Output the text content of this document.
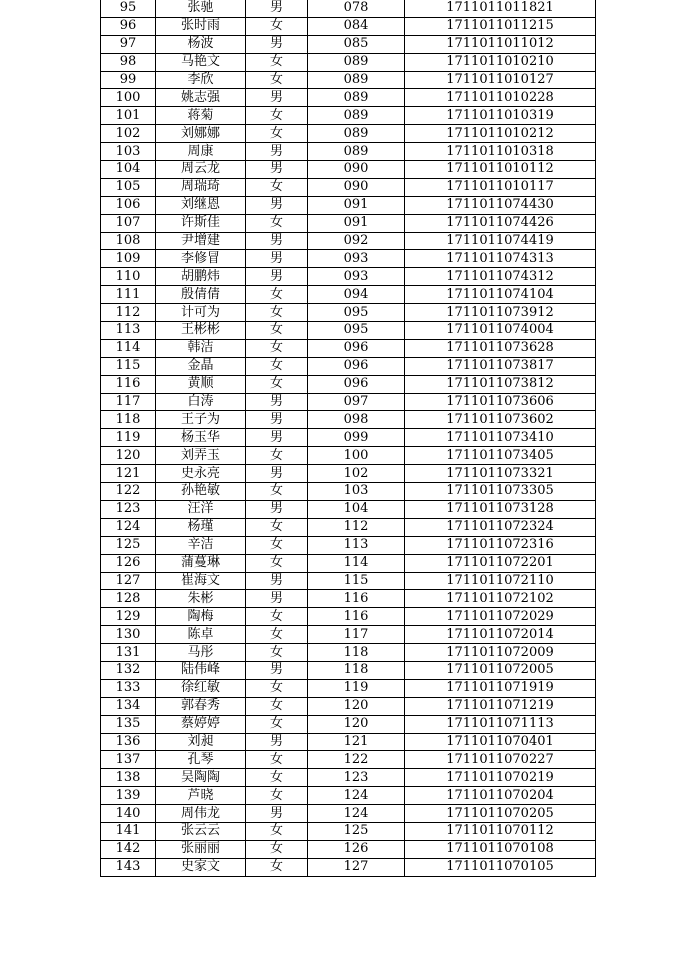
95	张驰	男	078	1711011011821
96	张时雨	女	084	1711011011215
97	杨波	男	085	1711011011012
98	马艳文	女	089	1711011010210
99	李欣	女	089	1711011010127
100	姚志强	男	089	1711011010228
101	蒋菊	女	089	1711011010319
102	刘娜娜	女	089	1711011010212
103	周康	男	089	1711011010318
104	周云龙	男	090	1711011010112
105	周瑞琦	女	090	1711011010117
106	刘继恩	男	091	1711011074430
107	许斯佳	女	091	1711011074426
108	尹增建	男	092	1711011074419
109	李修冒	男	093	1711011074313
110	胡鹏炜	男	093	1711011074312
111	殷倩倩	女	094	1711011074104
112	计可为	女	095	1711011073912
113	王彬彬	女	095	1711011074004
114	韩洁	女	096	1711011073628
115	金晶	女	096	1711011073817
116	黄顺	女	096	1711011073812
117	白涛	男	097	1711011073606
118	王子为	男	098	1711011073602
119	杨玉华	男	099	1711011073410
120	刘弄玉	女	100	1711011073405
121	史永亮	男	102	1711011073321
122	孙艳敏	女	103	1711011073305
123	汪洋	男	104	1711011073128
124	杨瑾	女	112	1711011072324
125	辛洁	女	113	1711011072316
126	蒲蔓琳	女	114	1711011072201
127	崔海文	男	115	1711011072110
128	朱彬	男	116	1711011072102
129	陶梅	女	116	1711011072029
130	陈卓	女	117	1711011072014
131	马彤	女	118	1711011072009
132	陆伟峰	男	118	1711011072005
133	徐红敏	女	119	1711011071919
134	郭春秀	女	120	1711011071219
135	蔡婷婷	女	120	1711011071113
136	刘昶	男	121	1711011070401
137	孔琴	女	122	1711011070227
138	吴陶陶	女	123	1711011070219
139	芦晓	女	124	1711011070204
140	周伟龙	男	124	1711011070205
141	张云云	女	125	1711011070112
142	张丽丽	女	126	1711011070108
143	史家文	女	127	1711011070105
